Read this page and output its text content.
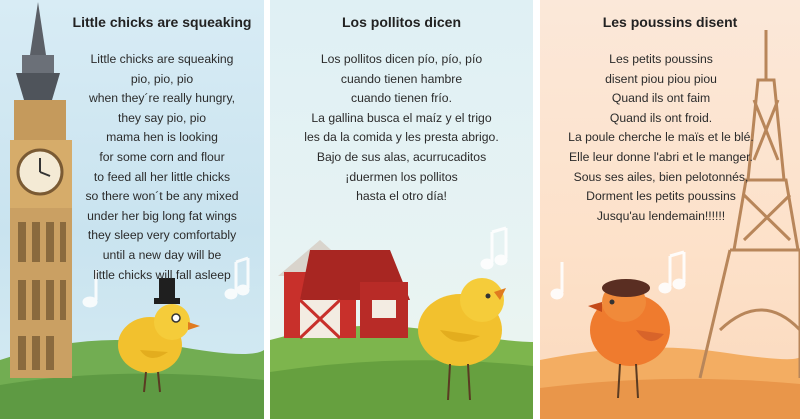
Little chicks are squeaking
Little chicks are squeaking
pio, pio, pio
when they´re really hungry,
they say pio, pio
mama hen is looking
for some corn and flour
to feed all her little chicks
so there won´t be any mixed
under her big long fat wings
they sleep very comfortably
until a new day will be
little chicks will fall asleep
Los pollitos dicen
Los pollitos dicen pío, pío, pío
cuando tienen hambre
cuando tienen frío.
La gallina busca el maíz y el trigo
les da la comida y les presta abrigo.
Bajo de sus alas, acurrucaditos
¡duermen los pollitos
hasta el otro día!
Les poussins disent
Les petits poussins
disent piou piou piou
Quand ils ont faim
Quand ils ont froid.
La poule cherche le maïs et le blé.
Elle leur donne l'abri et le manger.
Sous ses ailes, bien pelotonnés,
Dorment les petits poussins
Jusqu'au lendemain!!!!!!
